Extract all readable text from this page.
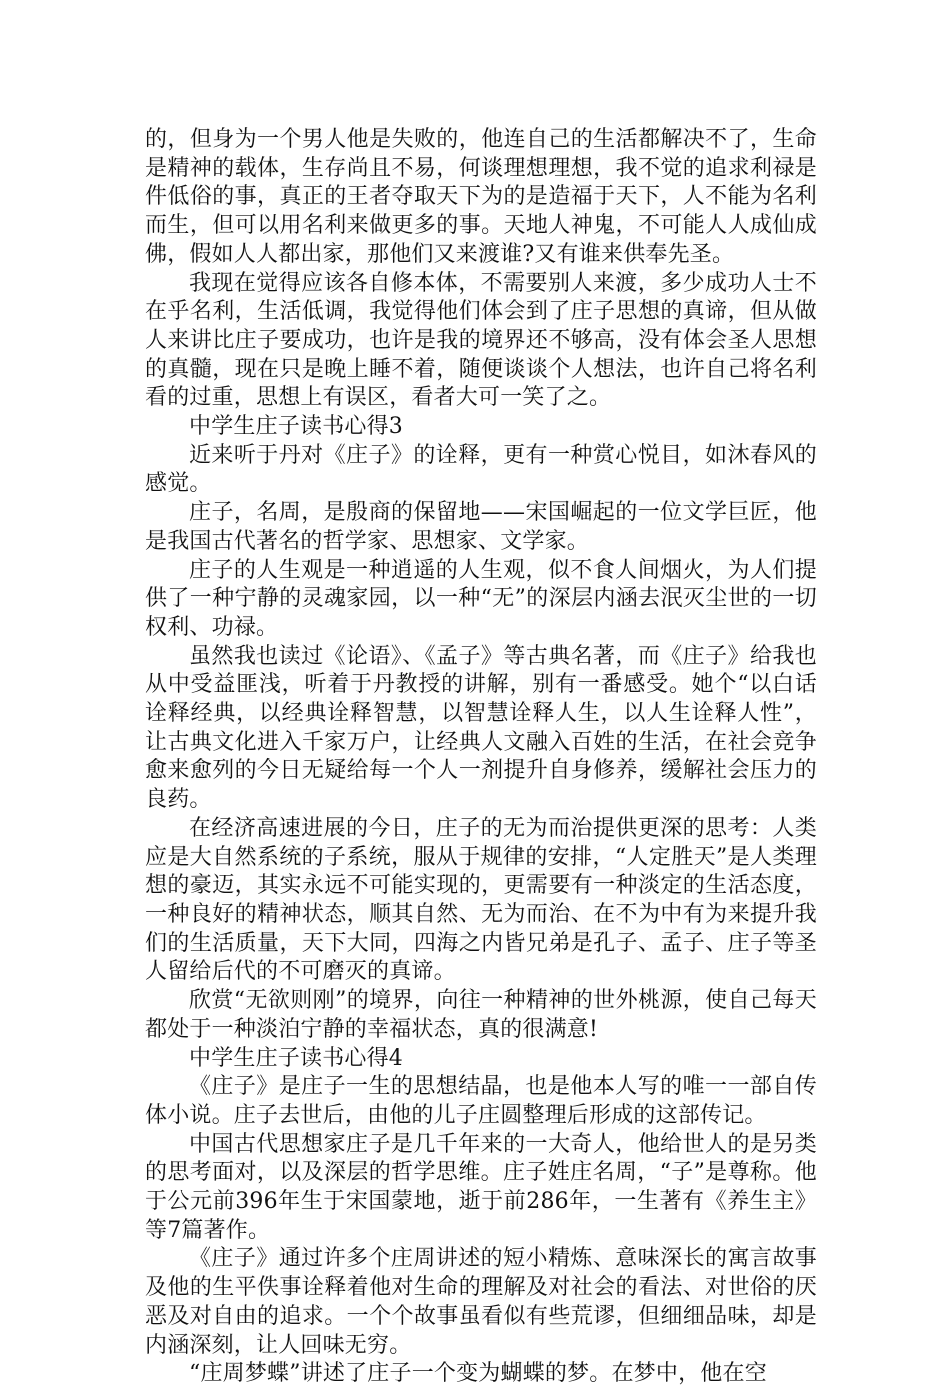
的，但身为一个男人他是失败的，他连自己的生活都解决不了，生命是精神的载体，生存尚且不易，何谈理想理想，我不觉的追求利禄是件低俗的事，真正的王者夺取天下为的是造福于天下，人不能为名利而生，但可以用名利来做更多的事。天地人神鬼，不可能人人成仙成佛，假如人人都出家，那他们又来渡谁?又有谁来供奉先圣。

我现在觉得应该各自修本体，不需要别人来渡，多少成功人士不在乎名利，生活低调，我觉得他们体会到了庄子思想的真谛，但从做人来讲比庄子要成功，也许是我的境界还不够高，没有体会圣人思想的真髓，现在只是晚上睡不着，随便谈谈个人想法，也许自己将名利看的过重，思想上有误区，看者大可一笑了之。

中学生庄子读书心得3

近来听于丹对《庄子》的诠释，更有一种赏心悦目，如沐春风的感觉。

庄子，名周，是殷商的保留地——宋国崛起的一位文学巨匠，他是我国古代著名的哲学家、思想家、文学家。

庄子的人生观是一种逍遥的人生观，似不食人间烟火，为人们提供了一种宁静的灵魂家园，以一种“无”的深层内涵去泯灭尘世的一切权利、功禄。

虽然我也读过《论语》、《孟子》等古典名著，而《庄子》给我也从中受益匪浅，听着于丹教授的讲解，别有一番感受。她个“以白话诠释经典，以经典诠释智慧，以智慧诠释人生，以人生诠释人性”，让古典文化进入千家万户，让经典人文融入百姓的生活，在社会竞争愈来愈列的今日无疑给每一个人一剂提升自身修养，缓解社会压力的良药。

在经济高速进展的今日，庄子的无为而治提供更深的思考：人类应是大自然系统的子系统，服从于规律的安排，“人定胜天”是人类理想的豪迈，其实永远不可能实现的，更需要有一种淡定的生活态度，一种良好的精神状态，顺其自然、无为而治、在不为中有为来提升我们的生活质量，天下大同，四海之内皆兄弟是孔子、孟子、庄子等圣人留给后代的不可磨灭的真谛。

欣赏“无欲则刚”的境界，向往一种精神的世外桃源，使自己每天都处于一种淡泊宁静的幸福状态，真的很满意!

中学生庄子读书心得4

《庄子》是庄子一生的思想结晶，也是他本人写的唯一一部自传体小说。庄子去世后，由他的儿子庄圆整理后形成的这部传记。

中国古代思想家庄子是几千年来的一大奇人，他给世人的是另类的思考面对，以及深层的哲学思维。庄子姓庄名周，“子”是尊称。他于公元前396年生于宋国蒙地，逝于前286年，一生著有《养生主》等7篇著作。

《庄子》通过许多个庄周讲述的短小精炼、意味深长的寓言故事及他的生平佚事诠释着他对生命的理解及对社会的看法、对世俗的厌恶及对自由的追求。一个个故事虽看似有些荒谬，但细细品味，却是内涵深刻，让人回味无穷。

“庄周梦蝶”讲述了庄子一个变为蝴蝶的梦。在梦中，他在空
